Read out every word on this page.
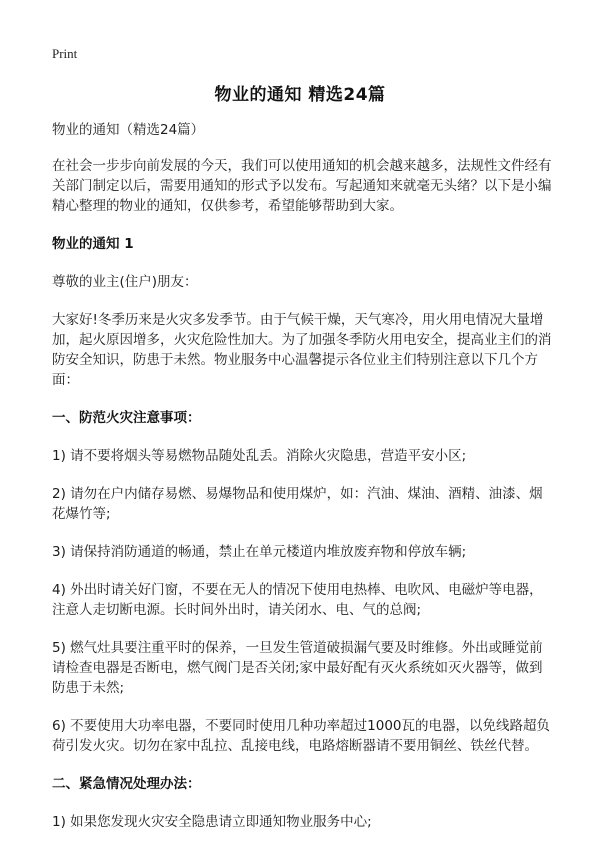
Print
物业的通知 精选24篇

物业的通知（精选24篇）

在社会一步步向前发展的今天，我们可以使用通知的机会越来越多，法规性文件经有关部门制定以后，需要用通知的形式予以发布。写起通知来就毫无头绪？以下是小编精心整理的物业的通知，仅供参考，希望能够帮助到大家。

物业的通知 1

尊敬的业主(住户)朋友：

大家好!冬季历来是火灾多发季节。由于气候干燥，天气寒冷，用火用电情况大量增加，起火原因增多，火灾危险性加大。为了加强冬季防火用电安全，提高业主们的消防安全知识，防患于未然。物业服务中心温馨提示各位业主们特别注意以下几个方面：

一、防范火灾注意事项：

1) 请不要将烟头等易燃物品随处乱丢。消除火灾隐患，营造平安小区;

2) 请勿在户内储存易燃、易爆物品和使用煤炉，如：汽油、煤油、酒精、油漆、烟花爆竹等;

3) 请保持消防通道的畅通，禁止在单元楼道内堆放废弃物和停放车辆;

4) 外出时请关好门窗，不要在无人的情况下使用电热棒、电吹风、电磁炉等电器，注意人走切断电源。长时间外出时，请关闭水、电、气的总阀;

5) 燃气灶具要注重平时的保养，一旦发生管道破损漏气要及时维修。外出或睡觉前请检查电器是否断电，燃气阀门是否关闭;家中最好配有灭火系统如灭火器等，做到防患于未然;

6) 不要使用大功率电器，不要同时使用几种功率超过1000瓦的电器，以免线路超负荷引发火灾。切勿在家中乱拉、乱接电线，电路熔断器请不要用铜丝、铁丝代替。

二、紧急情况处理办法：

1) 如果您发现火灾安全隐患请立即通知物业服务中心;
